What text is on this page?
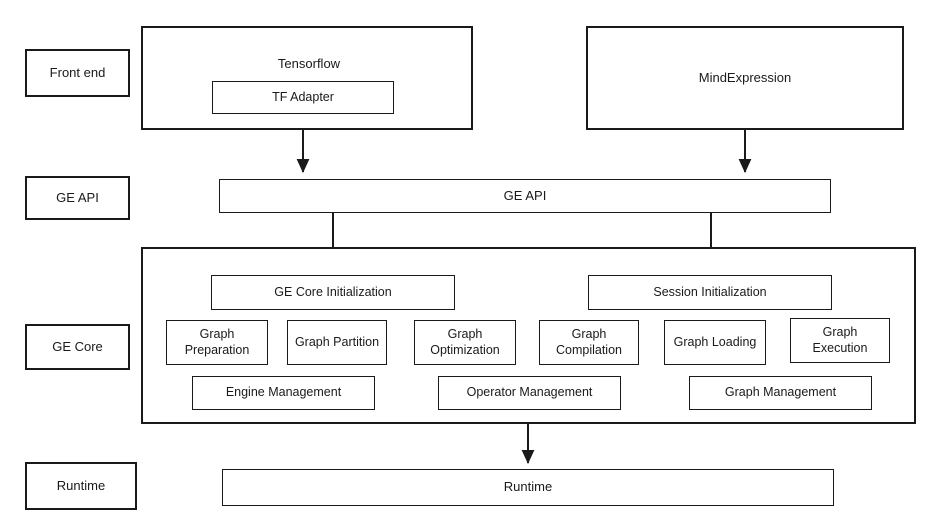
Front end
GE API
GE Core
Runtime
Tensorflow
TF Adapter
MindExpression
GE API
GE Core Initialization	Session Initialization
Graph Preparation
Graph Partition
Graph Optimization
Graph Compilation
Graph Loading
Graph Execution
Engine Management	Operator Management	Graph Management
Runtime
